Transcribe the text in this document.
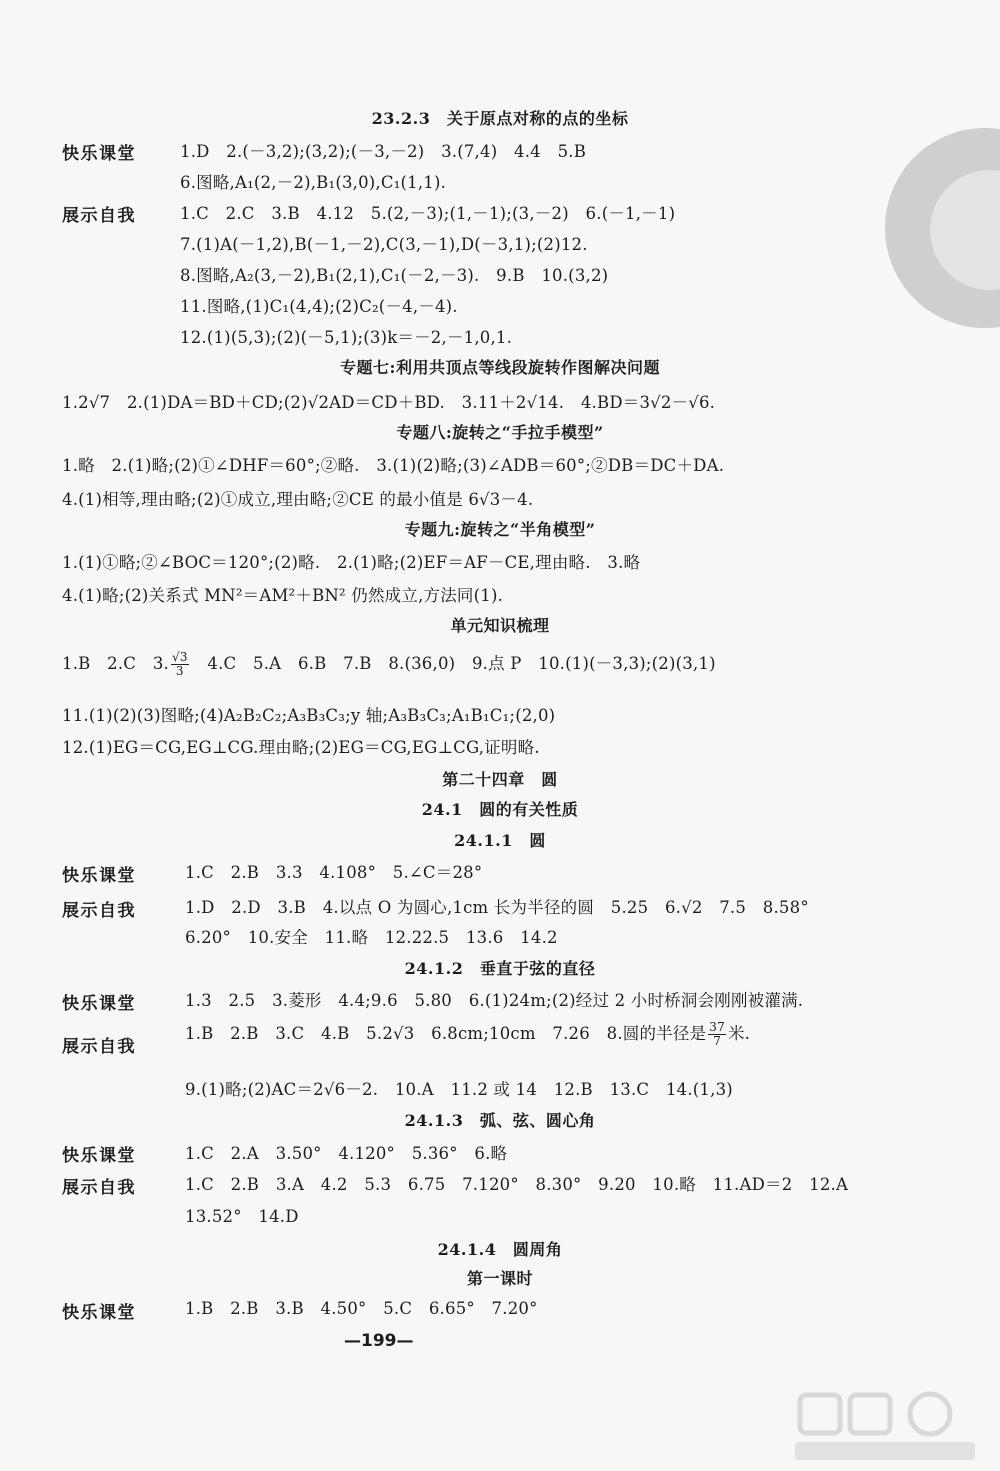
23.2.3　关于原点对称的点的坐标
快乐课堂	1.D　2.(－3,2);(3,2);(－3,－2)　3.(7,4)　4.4　5.B
6.图略,A₁(2,－2),B₁(3,0),C₁(1,1).
展示自我	1.C　2.C　3.B　4.12　5.(2,－3);(1,－1);(3,－2)　6.(－1,－1)
7.(1)A(－1,2),B(－1,－2),C(3,－1),D(－3,1);(2)12.
8.图略,A₂(3,－2),B₁(2,1),C₁(－2,－3).　9.B　10.(3,2)
11.图略,(1)C₁(4,4);(2)C₂(－4,－4).
12.(1)(5,3);(2)(－5,1);(3)k＝－2,－1,0,1.
专题七:利用共顶点等线段旋转作图解决问题
1.2√7　2.(1)DA＝BD＋CD;(2)√2AD＝CD＋BD.　3.11＋2√14.　4.BD＝3√2－√6.
专题八:旋转之“手拉手模型”
1.略　2.(1)略;(2)①∠DHF＝60°;②略.　3.(1)(2)略;(3)∠ADB＝60°;②DB＝DC＋DA.
4.(1)相等,理由略;(2)①成立,理由略;②CE 的最小值是 6√3－4.
专题九:旋转之“半角模型”
1.(1)①略;②∠BOC＝120°;(2)略.　2.(1)略;(2)EF＝AF－CE,理由略.　3.略
4.(1)略;(2)关系式 MN²＝AM²＋BN² 仍然成立,方法同(1).
单元知识梳理
1.B　2.C　3. $\frac{√3}{3}$ 　4.C　5.A　6.B　7.B　8.(36,0)　9.点 P　10.(1)(－3,3);(2)(3,1)
11.(1)(2)(3)图略;(4)A₂B₂C₂;A₃B₃C₃;y 轴;A₃B₃C₃;A₁B₁C₁;(2,0)
12.(1)EG＝CG,EG⊥CG.理由略;(2)EG＝CG,EG⊥CG,证明略.
第二十四章　圆
24.1　圆的有关性质
24.1.1　圆
快乐课堂	1.C　2.B　3.3　4.108°　5.∠C＝28°
展示自我	1.D　2.D　3.B　4.以点 O 为圆心,1cm 长为半径的圆　5.25　6.√2　7.5　8.58°
6.20°　10.安全　11.略　12.22.5　13.6　14.2
24.1.2　垂直于弦的直径
快乐课堂	1.3　2.5　3.菱形　4.4;9.6　5.80　6.(1)24m;(2)经过 2 小时桥洞会刚刚被灌满.
展示自我
1.B　2.B　3.C　4.B　5.2√3　6.8cm;10cm　7.26　8.圆的半径是 $\frac{37}{7}$ 米.
9.(1)略;(2)AC＝2√6－2.　10.A　11.2 或 14　12.B　13.C　14.(1,3)
24.1.3　弧、弦、圆心角
快乐课堂	1.C　2.A　3.50°　4.120°　5.36°　6.略
展示自我	1.C　2.B　3.A　4.2　5.3　6.75　7.120°　8.30°　9.20　10.略　11.AD＝2　12.A
13.52°　14.D
24.1.4　圆周角
第一课时
快乐课堂	1.B　2.B　3.B　4.50°　5.C　6.65°　7.20°
—199—
